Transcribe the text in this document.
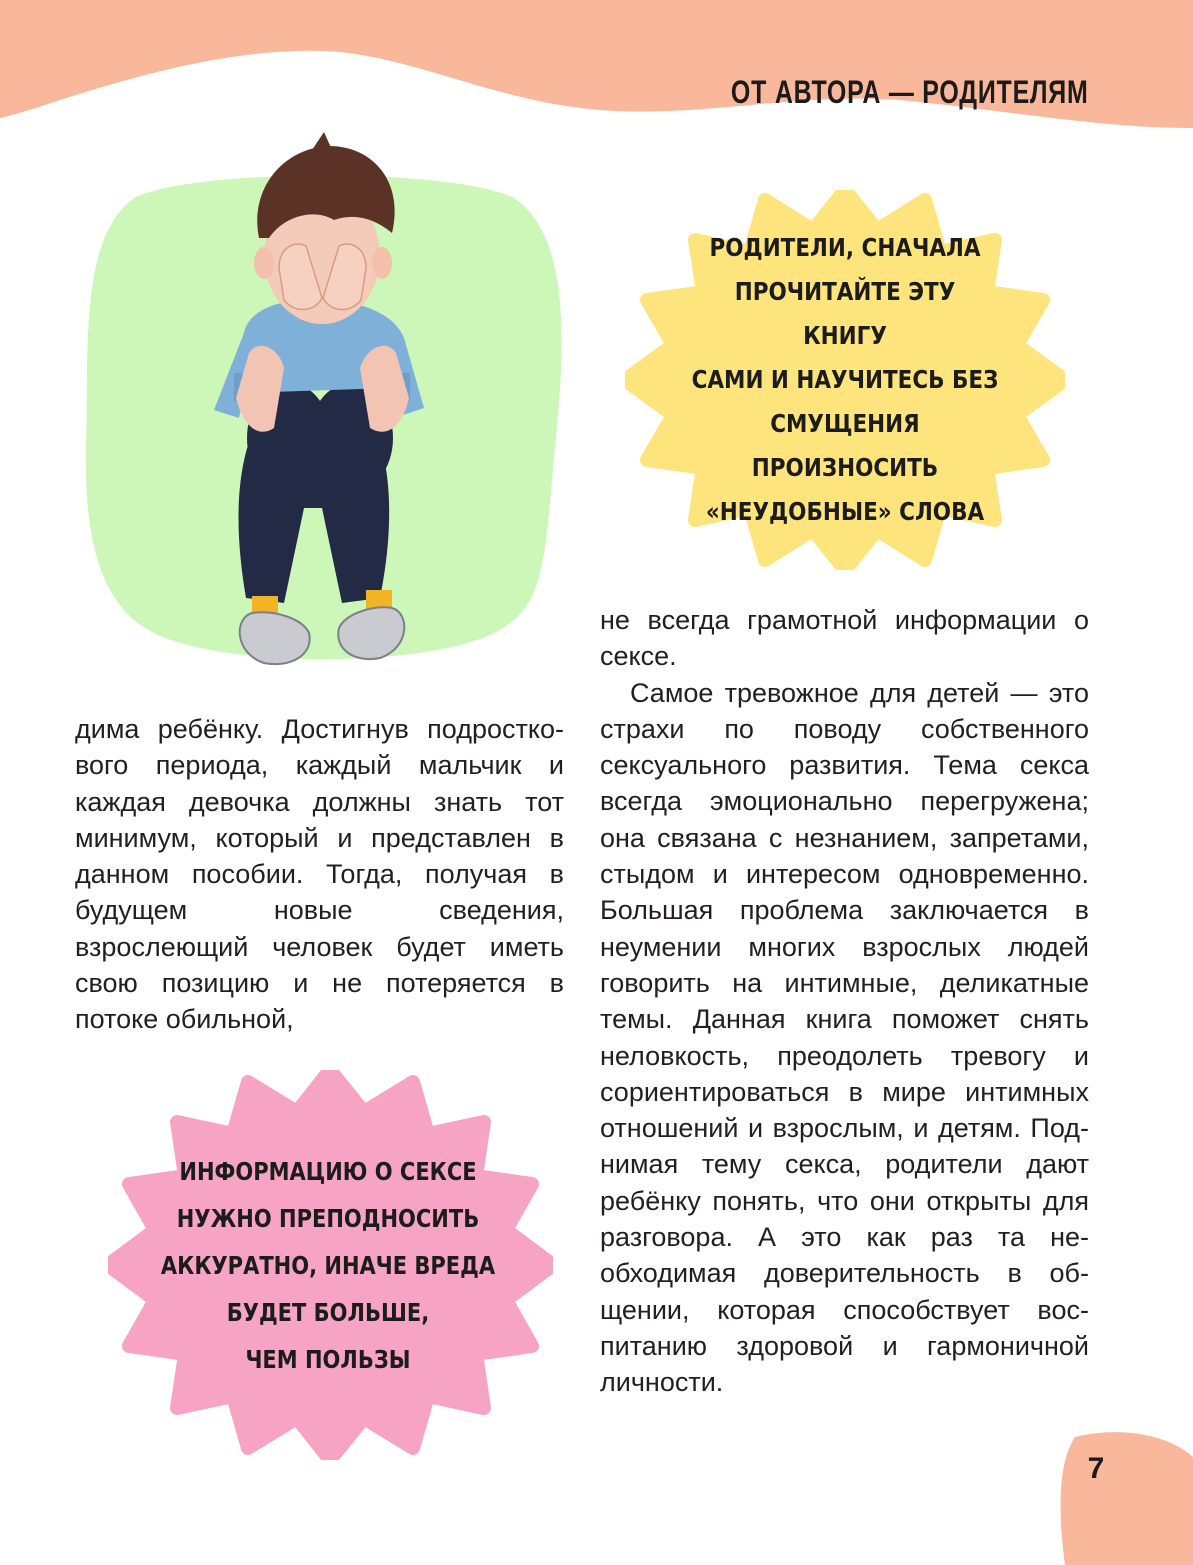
ОТ АВТОРА — РОДИТЕЛЯМ
РОДИТЕЛИ, СНАЧАЛА
ПРОЧИТАЙТЕ ЭТУ КНИГУ
САМИ И НАУЧИТЕСЬ БЕЗ
СМУЩЕНИЯ ПРОИЗНОСИТЬ
«НЕУДОБНЫЕ» СЛОВА
ИНФОРМАЦИЮ О СЕКСЕ
НУЖНО ПРЕПОДНОСИТЬ
АККУРАТНО, ИНАЧЕ ВРЕДА
БУДЕТ БОЛЬШЕ,
ЧЕМ ПОЛЬЗЫ

дима ребёнку. Достигнув подросткового периода, каждый мальчик и каждая девочка должны знать тот минимум, который и представлен в данном пособии. Тогда, получая в будущем новые сведения, взрослеющий человек будет иметь свою позицию и не потеряется в потоке обильной,

не всегда грамотной информации о сексе.

Самое тревожное для детей — это страхи по поводу собственного сексуального развития. Тема секса всегда эмоционально перегружена; она связана с незнанием, запретами, стыдом и интересом одновременно. Большая проблема заключается в неумении многих взрослых людей говорить на интимные, деликатные темы. Данная книга поможет снять неловкость, преодолеть тревогу и сориентироваться в мире интимных отношений и взрослым, и детям. Поднимая тему секса, родители дают ребёнку понять, что они открыты для разговора. А это как раз та необходимая доверительность в общении, которая способствует воспитанию здоровой и гармоничной личности.

7
